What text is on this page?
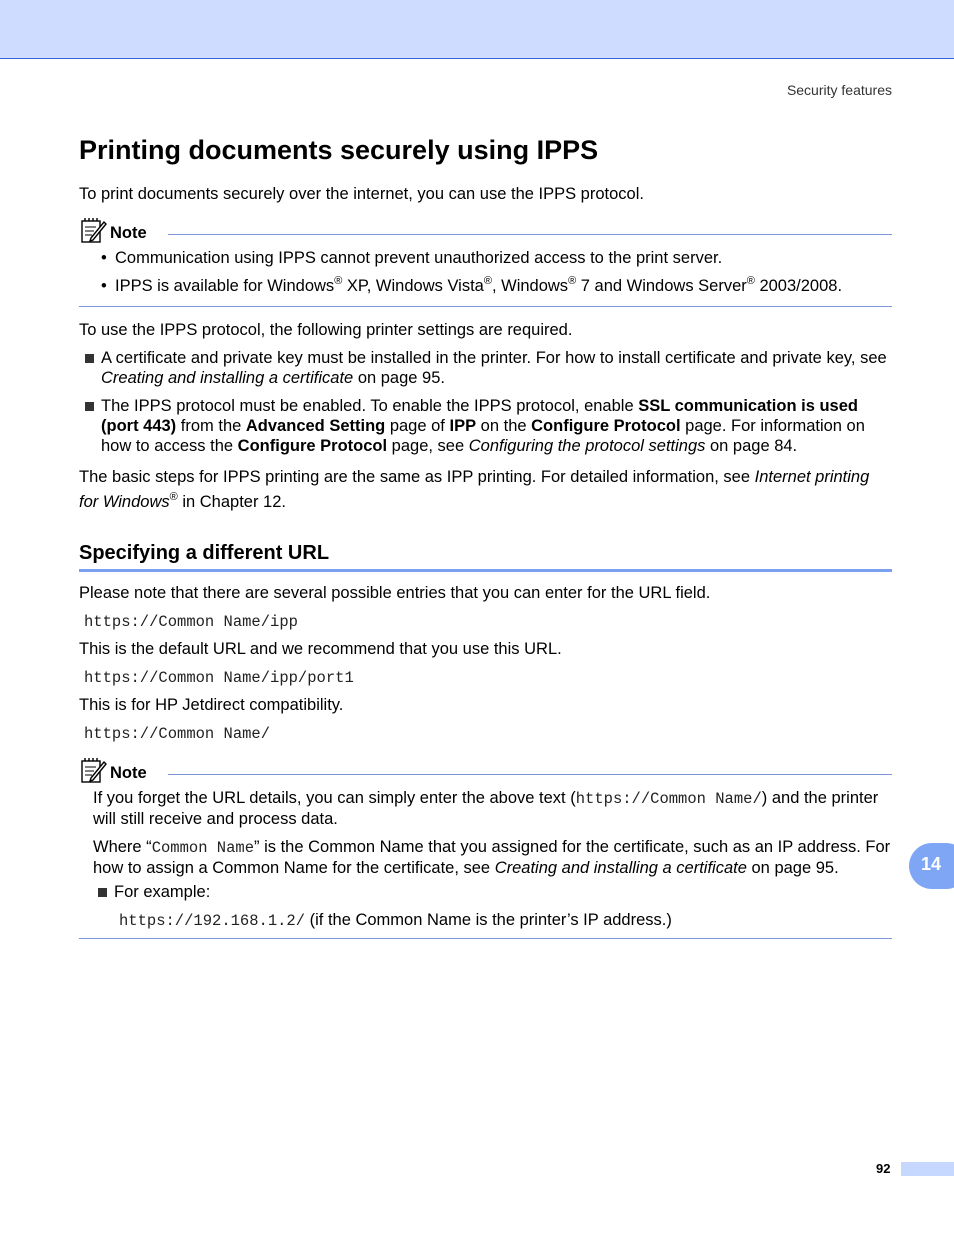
Security features
Printing documents securely using IPPS

To print documents securely over the internet, you can use the IPPS protocol.

Note
• Communication using IPPS cannot prevent unauthorized access to the print server.
• IPPS is available for Windows® XP, Windows Vista®, Windows® 7 and Windows Server® 2003/2008.

To use the IPPS protocol, the following printer settings are required.

A certificate and private key must be installed in the printer. For how to install certificate and private key, see Creating and installing a certificate on page 95.
The IPPS protocol must be enabled. To enable the IPPS protocol, enable SSL communication is used (port 443) from the Advanced Setting page of IPP on the Configure Protocol page. For information on how to access the Configure Protocol page, see Configuring the protocol settings on page 84.

The basic steps for IPPS printing are the same as IPP printing. For detailed information, see Internet printing for Windows® in Chapter 12.

Specifying a different URL

Please note that there are several possible entries that you can enter for the URL field.

https://Common Name/ipp

This is the default URL and we recommend that you use this URL.

https://Common Name/ipp/port1

This is for HP Jetdirect compatibility.

https://Common Name/
Note

If you forget the URL details, you can simply enter the above text (https://Common Name/) and the printer will still receive and process data.

Where “Common Name” is the Common Name that you assigned for the certificate, such as an IP address. For how to assign a Common Name for the certificate, see Creating and installing a certificate on page 95.

For example:

https://192.168.1.2/ (if the Common Name is the printer’s IP address.)

14
92
